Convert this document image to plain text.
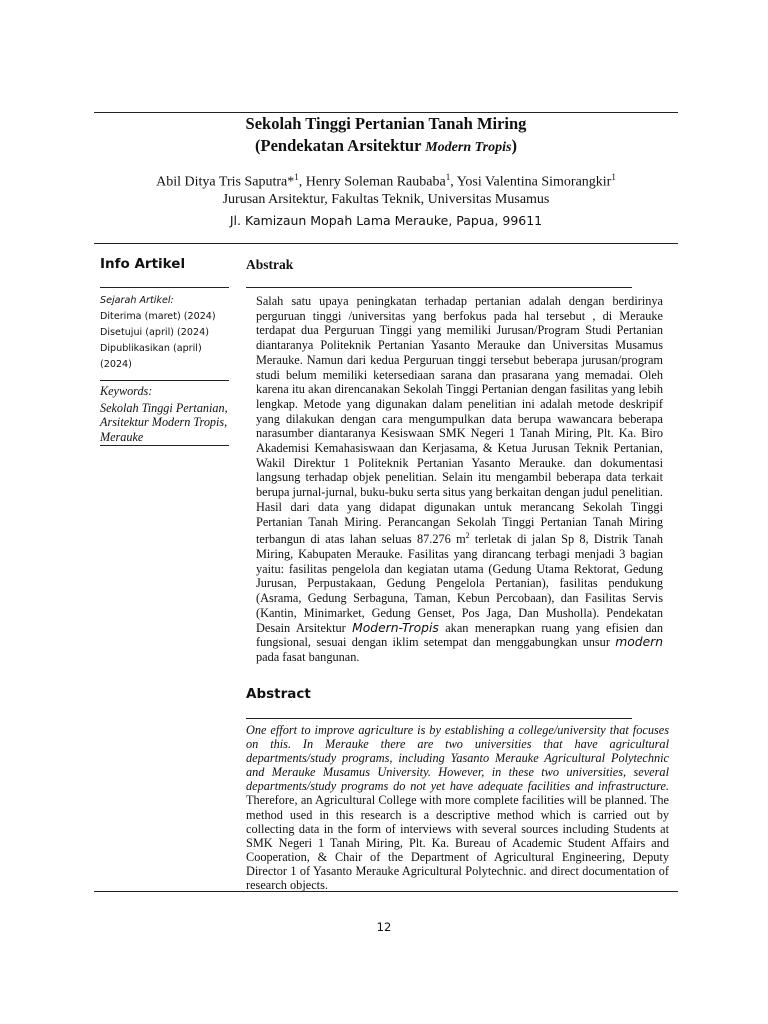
Sekolah Tinggi Pertanian Tanah Miring
(Pendekatan Arsitektur Modern Tropis)
Abil Ditya Tris Saputra*$^1$, Henry Soleman Raubaba$^1$, Yosi Valentina Simorangkir$^1$
Jurusan Arsitektur, Fakultas Teknik, Universitas Musamus
Jl. Kamizaun Mopah Lama Merauke, Papua, 99611
Info Artikel
Sejarah Artikel:
Diterima (maret) (2024)
Disetujui (april) (2024)
Dipublikasikan (april) (2024)
Keywords:
Sekolah Tinggi Pertanian, Arsitektur Modern Tropis, Merauke
Abstrak
Salah satu upaya peningkatan terhadap pertanian adalah dengan berdirinya perguruan tinggi /universitas yang berfokus pada hal tersebut , di Merauke terdapat dua Perguruan Tinggi yang memiliki Jurusan/Program Studi Pertanian diantaranya Politeknik Pertanian Yasanto Merauke dan Universitas Musamus Merauke. Namun dari kedua Perguruan tinggi tersebut beberapa jurusan/program studi belum memiliki ketersediaan sarana dan prasarana yang memadai. Oleh karena itu akan direncanakan Sekolah Tinggi Pertanian dengan fasilitas yang lebih lengkap. Metode yang digunakan dalam penelitian ini adalah metode deskripif yang dilakukan dengan cara mengumpulkan data berupa wawancara beberapa narasumber diantaranya Kesiswaan SMK Negeri 1 Tanah Miring, Plt. Ka. Biro Akademisi Kemahasiswaan dan Kerjasama, & Ketua Jurusan Teknik Pertanian, Wakil Direktur 1 Politeknik Pertanian Yasanto Merauke. dan dokumentasi langsung terhadap objek penelitian. Selain itu mengambil beberapa data terkait berupa jurnal-jurnal, buku-buku serta situs yang berkaitan dengan judul penelitian. Hasil dari data yang didapat digunakan untuk merancang Sekolah Tinggi Pertanian Tanah Miring. Perancangan Sekolah Tinggi Pertanian Tanah Miring terbangun di atas lahan seluas 87.276 $m^2$ terletak di jalan Sp 8, Distrik Tanah Miring, Kabupaten Merauke. Fasilitas yang dirancang terbagi menjadi 3 bagian yaitu: fasilitas pengelola dan kegiatan utama (Gedung Utama Rektorat, Gedung Jurusan, Perpustakaan, Gedung Pengelola Pertanian), fasilitas pendukung (Asrama, Gedung Serbaguna, Taman, Kebun Percobaan), dan Fasilitas Servis (Kantin, Minimarket, Gedung Genset, Pos Jaga, Dan Musholla). Pendekatan Desain Arsitektur Modern-Tropis akan menerapkan ruang yang efisien dan fungsional, sesuai dengan iklim setempat dan menggabungkan unsur modern pada fasat bangunan.
Abstract
One effort to improve agriculture is by establishing a college/university that focuses on this. In Merauke there are two universities that have agricultural departments/study programs, including Yasanto Merauke Agricultural Polytechnic and Merauke Musamus University. However, in these two universities, several departments/study programs do not yet have adequate facilities and infrastructure. Therefore, an Agricultural College with more complete facilities will be planned. The method used in this research is a descriptive method which is carried out by collecting data in the form of interviews with several sources including Students at SMK Negeri 1 Tanah Miring, Plt. Ka. Bureau of Academic Student Affairs and Cooperation, & Chair of the Department of Agricultural Engineering, Deputy Director 1 of Yasanto Merauke Agricultural Polytechnic. and direct documentation of research objects.
12
